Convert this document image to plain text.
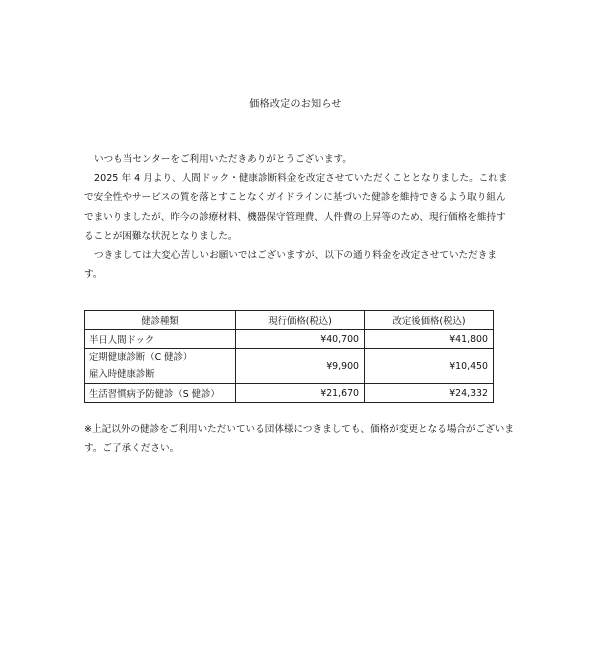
価格改定のお知らせ

いつも当センターをご利用いただきありがとうございます。

2025 年 4 月より、人間ドック・健康診断料金を改定させていただくこととなりました。これまで安全性やサービスの質を落とすことなくガイドラインに基づいた健診を維持できるよう取り組んでまいりましたが、昨今の診療材料、機器保守管理費、人件費の上昇等のため、現行価格を維持することが困難な状況となりました。

つきましては大変心苦しいお願いではございますが、以下の通り料金を改定させていただきます。

健診種類	現行価格(税込)	改定後価格(税込)
半日人間ドック	¥40,700	¥41,800

定期健康診断（C 健診）
雇入時健康診断	¥9,900	¥10,450
生活習慣病予防健診（S 健診）	¥21,670	¥24,332

※上記以外の健診をご利用いただいている団体様につきましても、価格が変更となる場合がございます。ご了承ください。
